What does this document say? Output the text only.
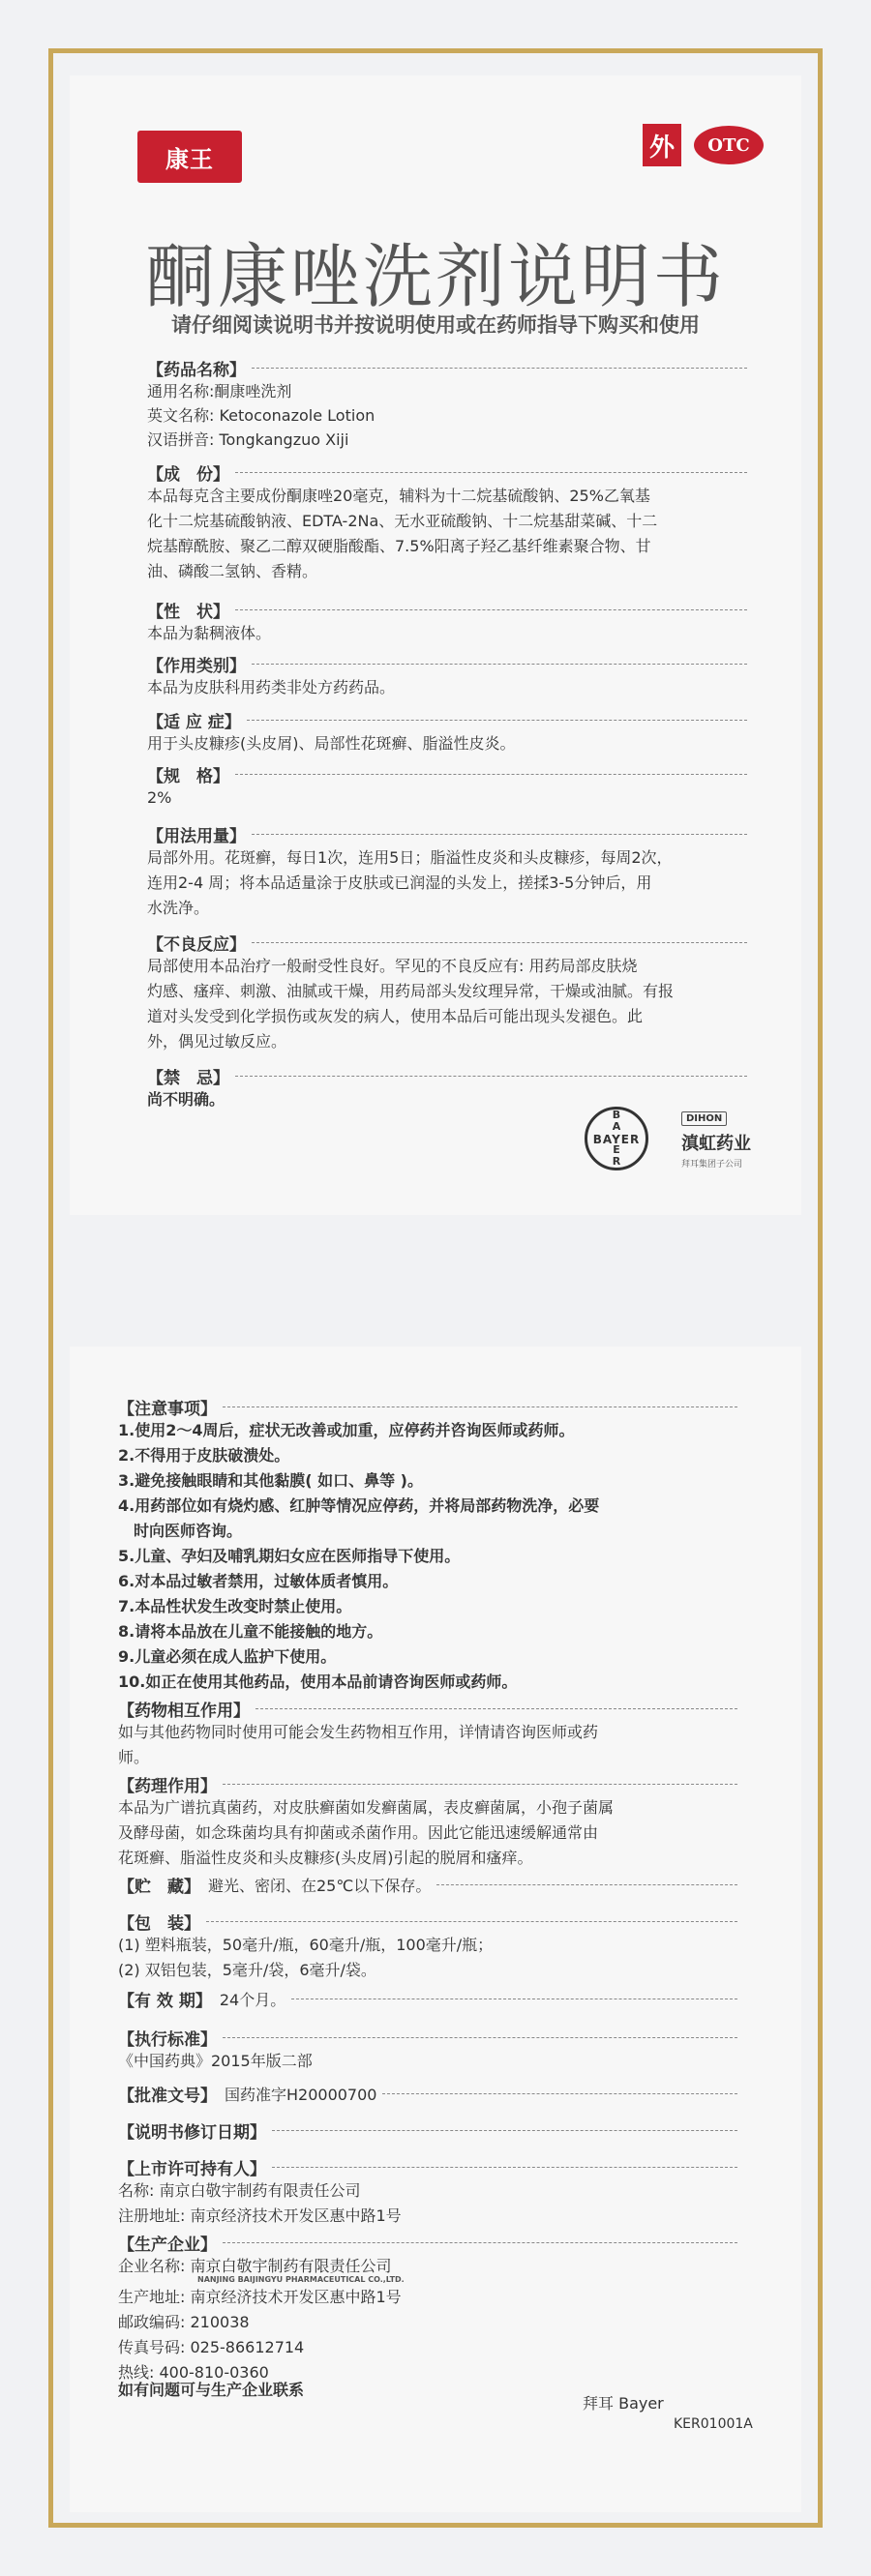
康王	外	OTC
酮康唑洗剂说明书
请仔细阅读说明书并按说明使用或在药师指导下购买和使用
【药品名称】
通用名称:酮康唑洗剂
英文名称: Ketoconazole Lotion
汉语拼音: Tongkangzuo Xiji
【成　份】
本品每克含主要成份酮康唑20毫克，辅料为十二烷基硫酸钠、25%乙氧基
化十二烷基硫酸钠液、EDTA-2Na、无水亚硫酸钠、十二烷基甜菜碱、十二
烷基醇酰胺、聚乙二醇双硬脂酸酯、7.5%阳离子羟乙基纤维素聚合物、甘
油、磷酸二氢钠、香精。
【性　状】
本品为黏稠液体。
【作用类别】
本品为皮肤科用药类非处方药药品。
【适 应 症】
用于头皮糠疹(头皮屑)、局部性花斑癣、脂溢性皮炎。
【规　格】
2%
【用法用量】
局部外用。花斑癣，每日1次，连用5日；脂溢性皮炎和头皮糠疹，每周2次，
连用2-4 周；将本品适量涂于皮肤或已润湿的头发上，搓揉3-5分钟后，用
水洗净。
【不良反应】
局部使用本品治疗一般耐受性良好。罕见的不良反应有: 用药局部皮肤烧
灼感、瘙痒、刺激、油腻或干燥，用药局部头发纹理异常，干燥或油腻。有报
道对头发受到化学损伤或灰发的病人，使用本品后可能出现头发褪色。此
外，偶见过敏反应。
【禁　忌】
尚不明确。
BAYER
B
A
E
R
DIHON
滇虹药业
拜耳集团子公司
【注意事项】
1.使用2～4周后，症状无改善或加重，应停药并咨询医师或药师。
2.不得用于皮肤破溃处。
3.避免接触眼睛和其他黏膜( 如口、鼻等 )。
4.用药部位如有烧灼感、红肿等情况应停药，并将局部药物洗净，必要
时向医师咨询。
5.儿童、孕妇及哺乳期妇女应在医师指导下使用。
6.对本品过敏者禁用，过敏体质者慎用。
7.本品性状发生改变时禁止使用。
8.请将本品放在儿童不能接触的地方。
9.儿童必须在成人监护下使用。
10.如正在使用其他药品，使用本品前请咨询医师或药师。
【药物相互作用】
如与其他药物同时使用可能会发生药物相互作用，详情请咨询医师或药
师。
【药理作用】
本品为广谱抗真菌药，对皮肤癣菌如发癣菌属，表皮癣菌属，小孢子菌属
及酵母菌，如念珠菌均具有抑菌或杀菌作用。因此它能迅速缓解通常由
花斑癣、脂溢性皮炎和头皮糠疹(头皮屑)引起的脱屑和瘙痒。
【贮　藏】 避光、密闭、在25℃以下保存。
【包　装】
(1) 塑料瓶装，50毫升/瓶，60毫升/瓶，100毫升/瓶；
(2) 双铝包装，5毫升/袋，6毫升/袋。
【有 效 期】 24个月。
【执行标准】
《中国药典》2015年版二部
【批准文号】 国药准字H20000700
【说明书修订日期】
【上市许可持有人】
名称: 南京白敬宇制药有限责任公司
注册地址: 南京经济技术开发区惠中路1号
【生产企业】
企业名称: 南京白敬宇制药有限责任公司
NANJING BAIJINGYU PHARMACEUTICAL CO.,LTD.
生产地址: 南京经济技术开发区惠中路1号
邮政编码: 210038
传真号码: 025-86612714
热线: 400-810-0360
如有问题可与生产企业联系
拜耳 Bayer
KER01001A
